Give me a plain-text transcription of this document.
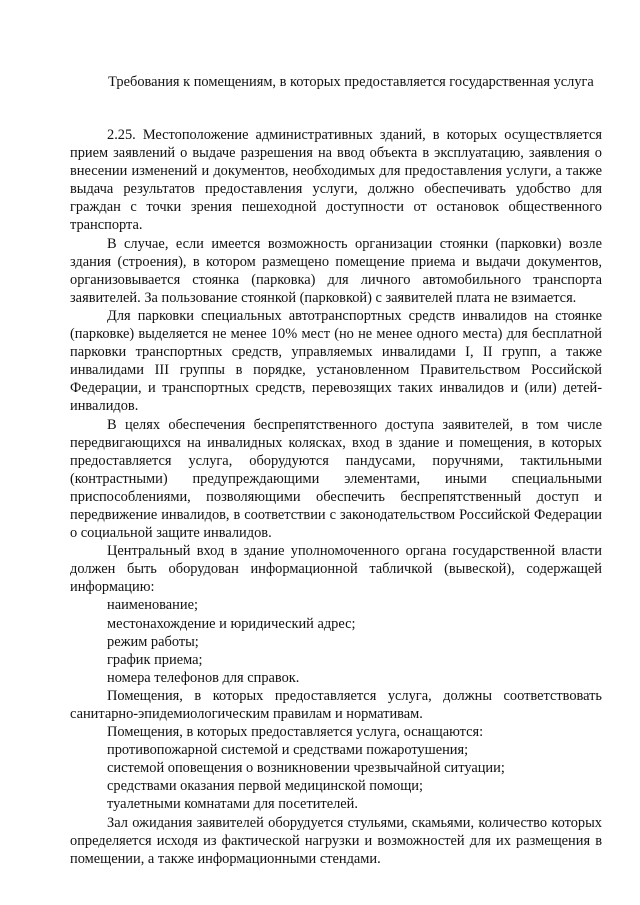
Требования к помещениям, в которых предоставляется государственная услуга

2.25. Местоположение административных зданий, в которых осуществляется прием заявлений о выдаче разрешения на ввод объекта в эксплуатацию, заявления о внесении изменений и документов, необходимых для предоставления услуги, а также выдача результатов предоставления услуги, должно обеспечивать удобство для граждан с точки зрения пешеходной доступности от остановок общественного транспорта.

В случае, если имеется возможность организации стоянки (парковки) возле здания (строения), в котором размещено помещение приема и выдачи документов, организовывается стоянка (парковка) для личного автомобильного транспорта заявителей. За пользование стоянкой (парковкой) с заявителей плата не взимается.

Для парковки специальных автотранспортных средств инвалидов на стоянке (парковке) выделяется не менее 10% мест (но не менее одного места) для бесплатной парковки транспортных средств, управляемых инвалидами I, II групп, а также инвалидами III группы в порядке, установленном Правительством Российской Федерации, и транспортных средств, перевозящих таких инвалидов и (или) детей-инвалидов.

В целях обеспечения беспрепятственного доступа заявителей, в том числе передвигающихся на инвалидных колясках, вход в здание и помещения, в которых предоставляется услуга, оборудуются пандусами, поручнями, тактильными (контрастными) предупреждающими элементами, иными специальными приспособлениями, позволяющими обеспечить беспрепятственный доступ и передвижение инвалидов, в соответствии с законодательством Российской Федерации о социальной защите инвалидов.

Центральный вход в здание уполномоченного органа государственной власти должен быть оборудован информационной табличкой (вывеской), содержащей информацию:

наименование;

местонахождение и юридический адрес;

режим работы;

график приема;

номера телефонов для справок.

Помещения, в которых предоставляется услуга, должны соответствовать санитарно-эпидемиологическим правилам и нормативам.

Помещения, в которых предоставляется услуга, оснащаются:

противопожарной системой и средствами пожаротушения;

системой оповещения о возникновении чрезвычайной ситуации;

средствами оказания первой медицинской помощи;

туалетными комнатами для посетителей.

Зал ожидания заявителей оборудуется стульями, скамьями, количество которых определяется исходя из фактической нагрузки и возможностей для их размещения в помещении, а также информационными стендами.
